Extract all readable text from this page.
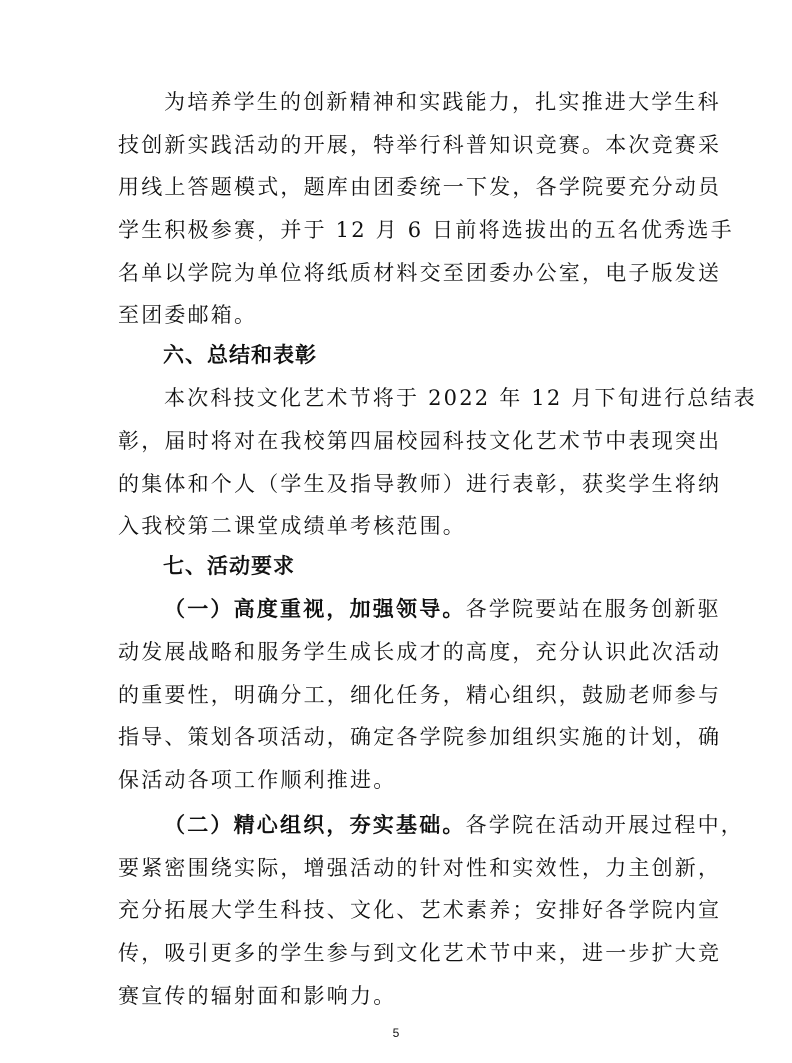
为培养学生的创新精神和实践能力，扎实推进大学生科

技创新实践活动的开展，特举行科普知识竞赛。本次竞赛采

用线上答题模式，题库由团委统一下发，各学院要充分动员

学生积极参赛，并于 12 月 6 日前将选拔出的五名优秀选手

名单以学院为单位将纸质材料交至团委办公室，电子版发送

至团委邮箱。

六、总结和表彰

本次科技文化艺术节将于 2022 年 12 月下旬进行总结表

彰，届时将对在我校第四届校园科技文化艺术节中表现突出

的集体和个人（学生及指导教师）进行表彰，获奖学生将纳

入我校第二课堂成绩单考核范围。

七、活动要求

（一）高度重视，加强领导。各学院要站在服务创新驱

动发展战略和服务学生成长成才的高度，充分认识此次活动

的重要性，明确分工，细化任务，精心组织，鼓励老师参与

指导、策划各项活动，确定各学院参加组织实施的计划，确

保活动各项工作顺利推进。

（二）精心组织，夯实基础。各学院在活动开展过程中，

要紧密围绕实际，增强活动的针对性和实效性，力主创新，

充分拓展大学生科技、文化、艺术素养；安排好各学院内宣

传，吸引更多的学生参与到文化艺术节中来，进一步扩大竞

赛宣传的辐射面和影响力。

5
